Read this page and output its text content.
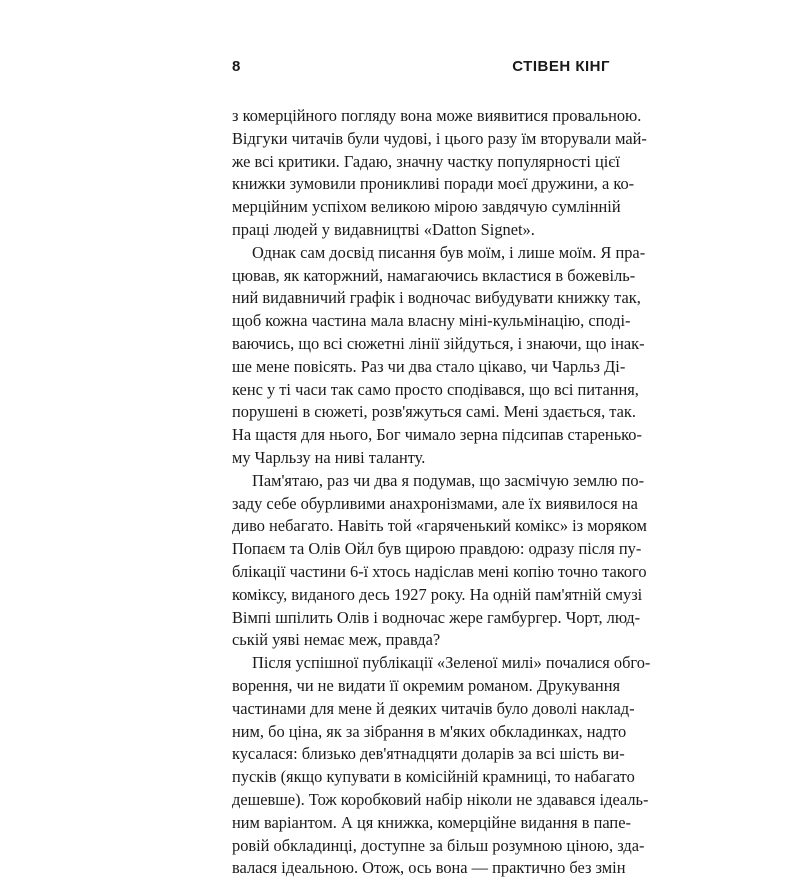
8	СТІВЕН КІНГ
з комерційного погляду вона може виявитися провальною.
Відгуки читачів були чудові, і цього разу їм вторували май-
же всі критики. Гадаю, значну частку популярності цієї
книжки зумовили проникливі поради моєї дружини, а ко-
мерційним успіхом великою мірою завдячую сумлінній
праці людей у видавництві «Datton Signet».
Однак сам досвід писання був моїм, і лише моїм. Я пра-
цював, як каторжний, намагаючись вкластися в божевіль-
ний видавничий графік і водночас вибудувати книжку так,
щоб кожна частина мала власну міні-кульмінацію, споді-
ваючись, що всі сюжетні лінії зійдуться, і знаючи, що інак-
ше мене повісять. Раз чи два стало цікаво, чи Чарльз Ді-
кенс у ті часи так само просто сподівався, що всі питання,
порушені в сюжеті, розв'яжуться самі. Мені здається, так.
На щастя для нього, Бог чимало зерна підсипав старенько-
му Чарльзу на ниві таланту.
Пам'ятаю, раз чи два я подумав, що засмічую землю по-
заду себе обурливими анахронізмами, але їх виявилося на
диво небагато. Навіть той «гаряченький комікс» із моряком
Попаєм та Олів Ойл був щирою правдою: одразу після пу-
блікації частини 6-ї хтось надіслав мені копію точно такого
коміксу, виданого десь 1927 року. На одній пам'ятній смузі
Вімпі шпілить Олів і водночас жере гамбургер. Чорт, люд-
ській уяві немає меж, правда?
Після успішної публікації «Зеленої милі» почалися обго-
ворення, чи не видати її окремим романом. Друкування
частинами для мене й деяких читачів було доволі наклад-
ним, бо ціна, як за зібрання в м'яких обкладинках, надто
кусалася: близько дев'ятнадцяти доларів за всі шість ви-
пусків (якщо купувати в комісійній крамниці, то набагато
дешевше). Тож коробковий набір ніколи не здавався ідеаль-
ним варіантом. А ця книжка, комерційне видання в папе-
ровій обкладинці, доступне за більш розумною ціною, зда-
валася ідеальною. Отож, ось вона — практично без змін
